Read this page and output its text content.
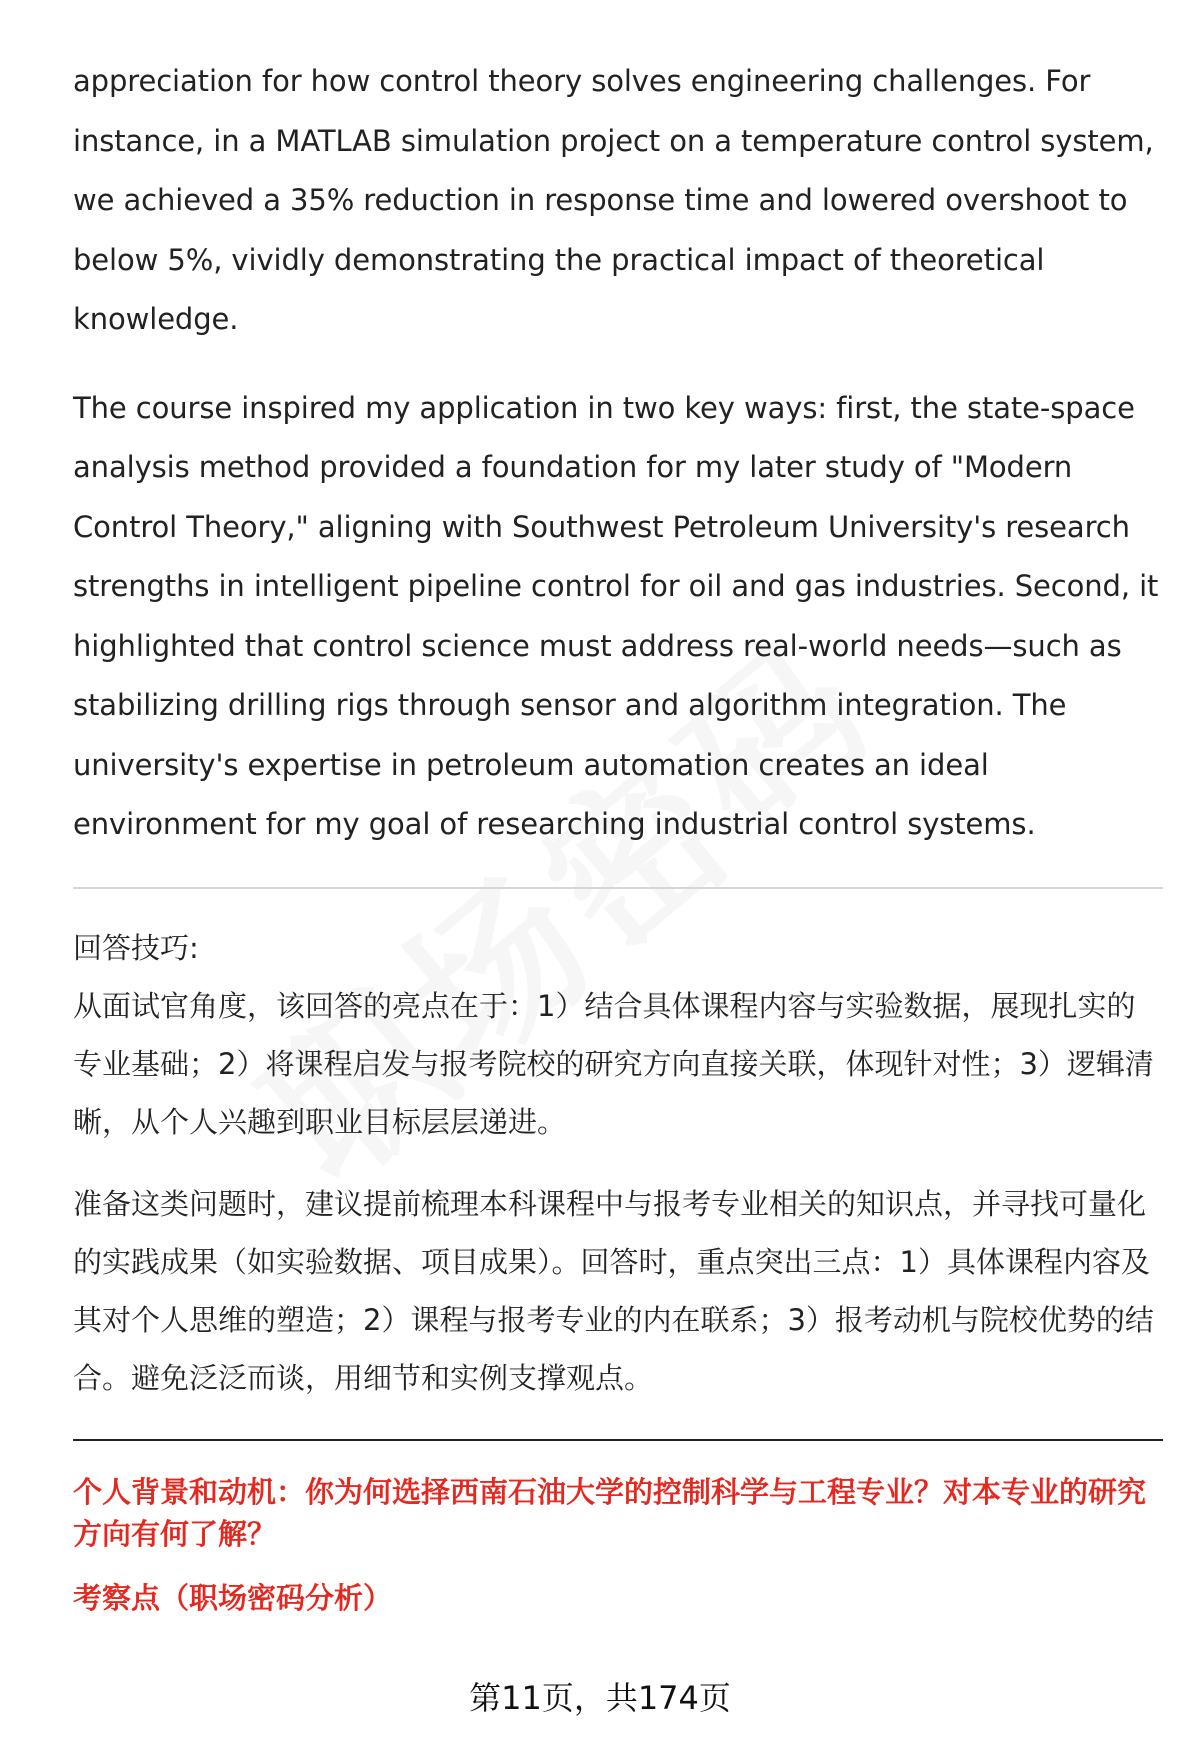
appreciation for how control theory solves engineering challenges. For instance, in a MATLAB simulation project on a temperature control system, we achieved a 35% reduction in response time and lowered overshoot to below 5%, vividly demonstrating the practical impact of theoretical knowledge.

The course inspired my application in two key ways: first, the state-space analysis method provided a foundation for my later study of "Modern Control Theory," aligning with Southwest Petroleum University's research strengths in intelligent pipeline control for oil and gas industries. Second, it highlighted that control science must address real-world needs—such as stabilizing drilling rigs through sensor and algorithm integration. The university's expertise in petroleum automation creates an ideal environment for my goal of researching industrial control systems.

回答技巧:

从面试官角度，该回答的亮点在于：1）结合具体课程内容与实验数据，展现扎实的专业基础；2）将课程启发与报考院校的研究方向直接关联，体现针对性；3）逻辑清晰，从个人兴趣到职业目标层层递进。

准备这类问题时，建议提前梳理本科课程中与报考专业相关的知识点，并寻找可量化的实践成果（如实验数据、项目成果）。回答时，重点突出三点：1）具体课程内容及其对个人思维的塑造；2）课程与报考专业的内在联系；3）报考动机与院校优势的结合。避免泛泛而谈，用细节和实例支撑观点。

个人背景和动机：你为何选择西南石油大学的控制科学与工程专业？对本专业的研究方向有何了解？

考察点（职场密码分析）

第11页，共174页
